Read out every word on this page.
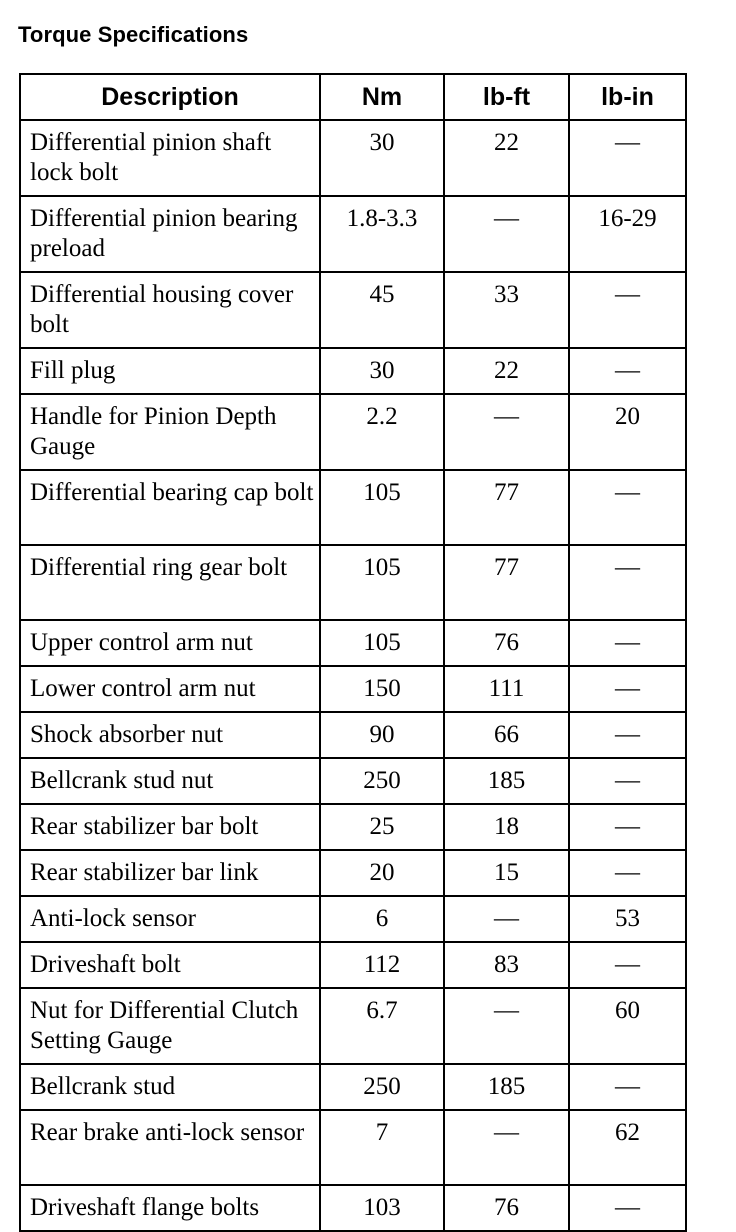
Torque Specifications
Description	Nm	lb-ft	lb-in
Differential pinion shaft lock bolt	30	22	—
Differential pinion bearing preload	1.8-3.3	—	16-29
Differential housing cover bolt	45	33	—
Fill plug	30	22	—
Handle for Pinion Depth Gauge	2.2	—	20
Differential bearing cap bolt	105	77	—
Differential ring gear bolt	105	77	—
Upper control arm nut	105	76	—
Lower control arm nut	150	111	—
Shock absorber nut	90	66	—
Bellcrank stud nut	250	185	—
Rear stabilizer bar bolt	25	18	—
Rear stabilizer bar link	20	15	—
Anti-lock sensor	6	—	53
Driveshaft bolt	112	83	—
Nut for Differential Clutch Setting Gauge	6.7	—	60
Bellcrank stud	250	185	—
Rear brake anti-lock sensor	7	—	62
Driveshaft flange bolts	103	76	—
